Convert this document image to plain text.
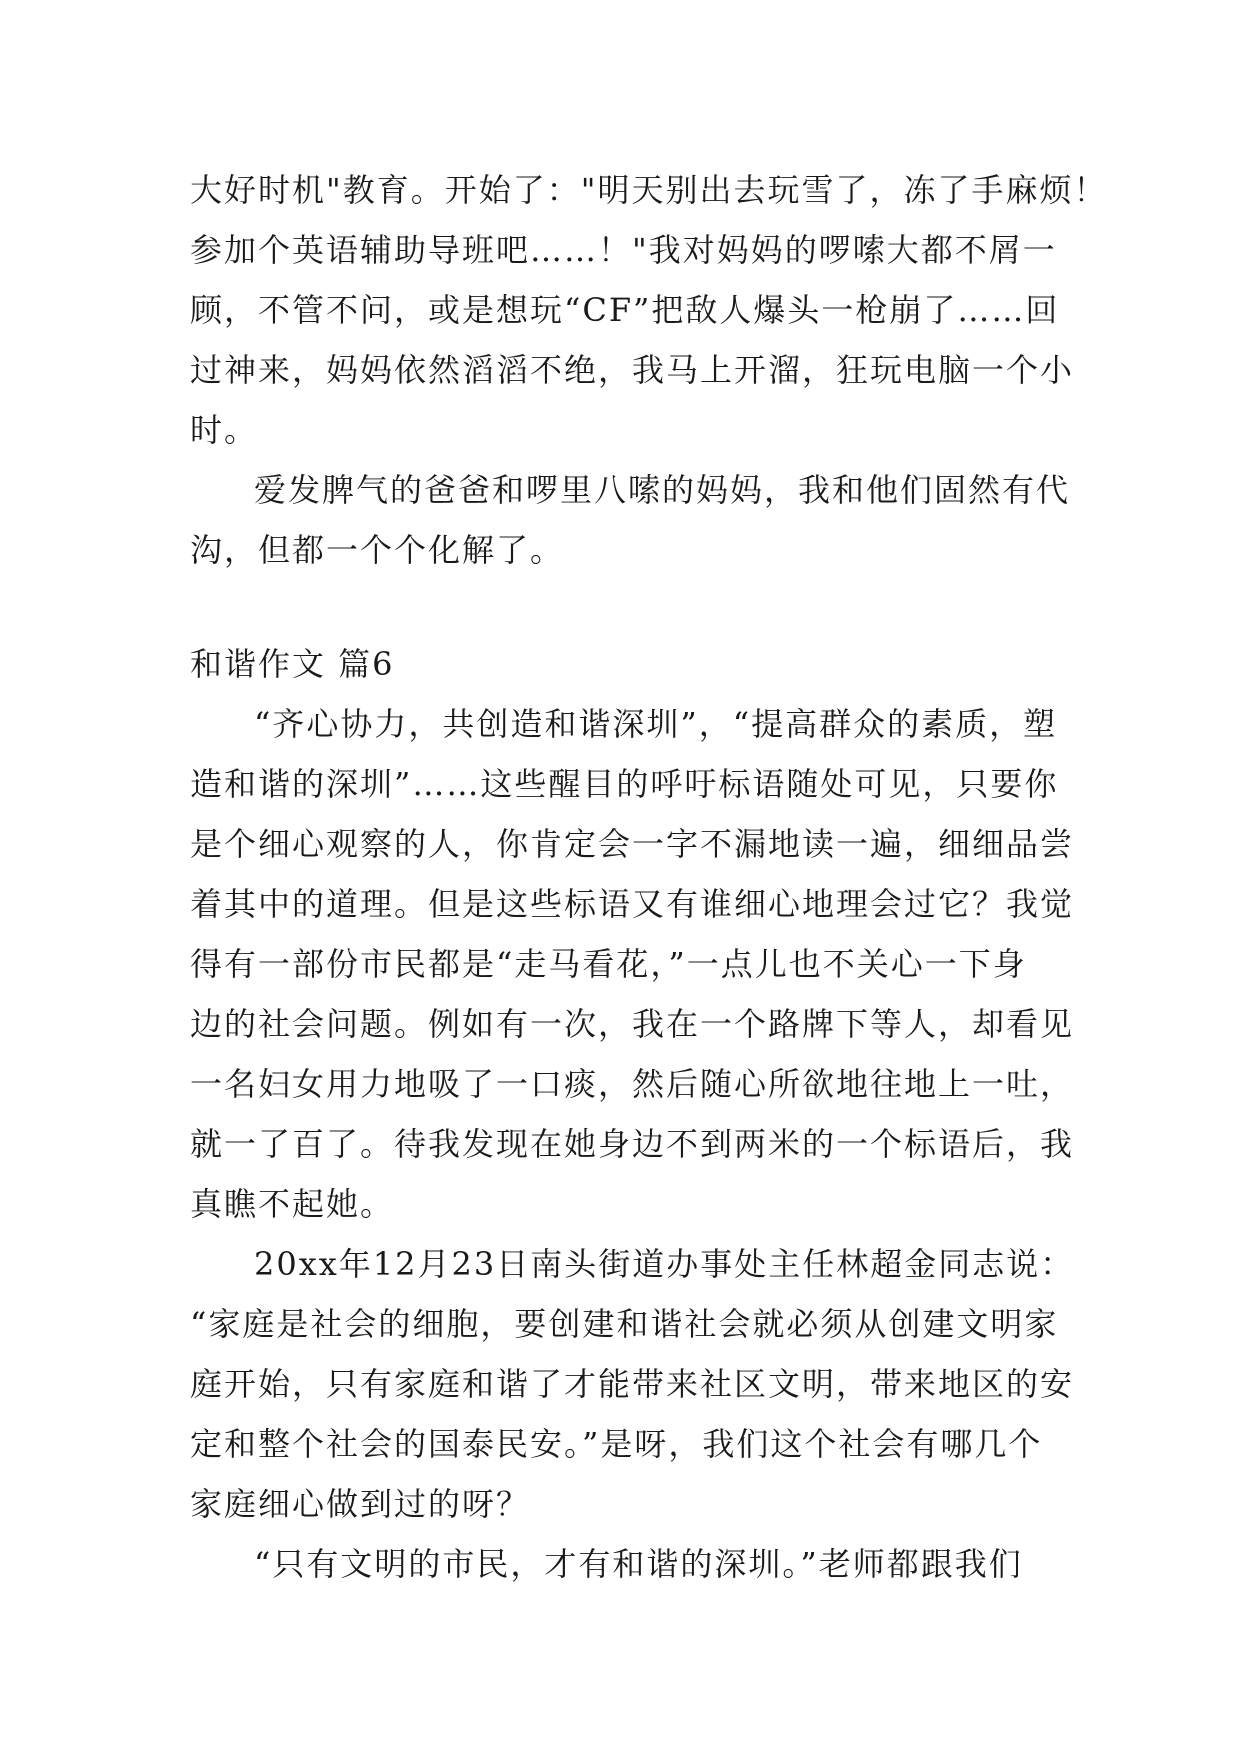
大好时机"教育。开始了："明天别出去玩雪了，冻了手麻烦！
参加个英语辅助导班吧……！"我对妈妈的啰嗦大都不屑一
顾，不管不问，或是想玩“CF”把敌人爆头一枪崩了……回
过神来，妈妈依然滔滔不绝，我马上开溜，狂玩电脑一个小
时。
爱发脾气的爸爸和啰里八嗦的妈妈，我和他们固然有代
沟，但都一个个化解了。
和谐作文 篇6
“齐心协力，共创造和谐深圳”，“提高群众的素质，塑
造和谐的深圳”……这些醒目的呼吁标语随处可见，只要你
是个细心观察的人，你肯定会一字不漏地读一遍，细细品尝
着其中的道理。但是这些标语又有谁细心地理会过它？我觉
得有一部份市民都是“走马看花，”一点儿也不关心一下身
边的社会问题。例如有一次，我在一个路牌下等人，却看见
一名妇女用力地吸了一口痰，然后随心所欲地往地上一吐，
就一了百了。待我发现在她身边不到两米的一个标语后，我
真瞧不起她。
20xx年12月23日南头街道办事处主任林超金同志说：
“家庭是社会的细胞，要创建和谐社会就必须从创建文明家
庭开始，只有家庭和谐了才能带来社区文明，带来地区的安
定和整个社会的国泰民安。”是呀，我们这个社会有哪几个
家庭细心做到过的呀？
“只有文明的市民，才有和谐的深圳。”老师都跟我们
